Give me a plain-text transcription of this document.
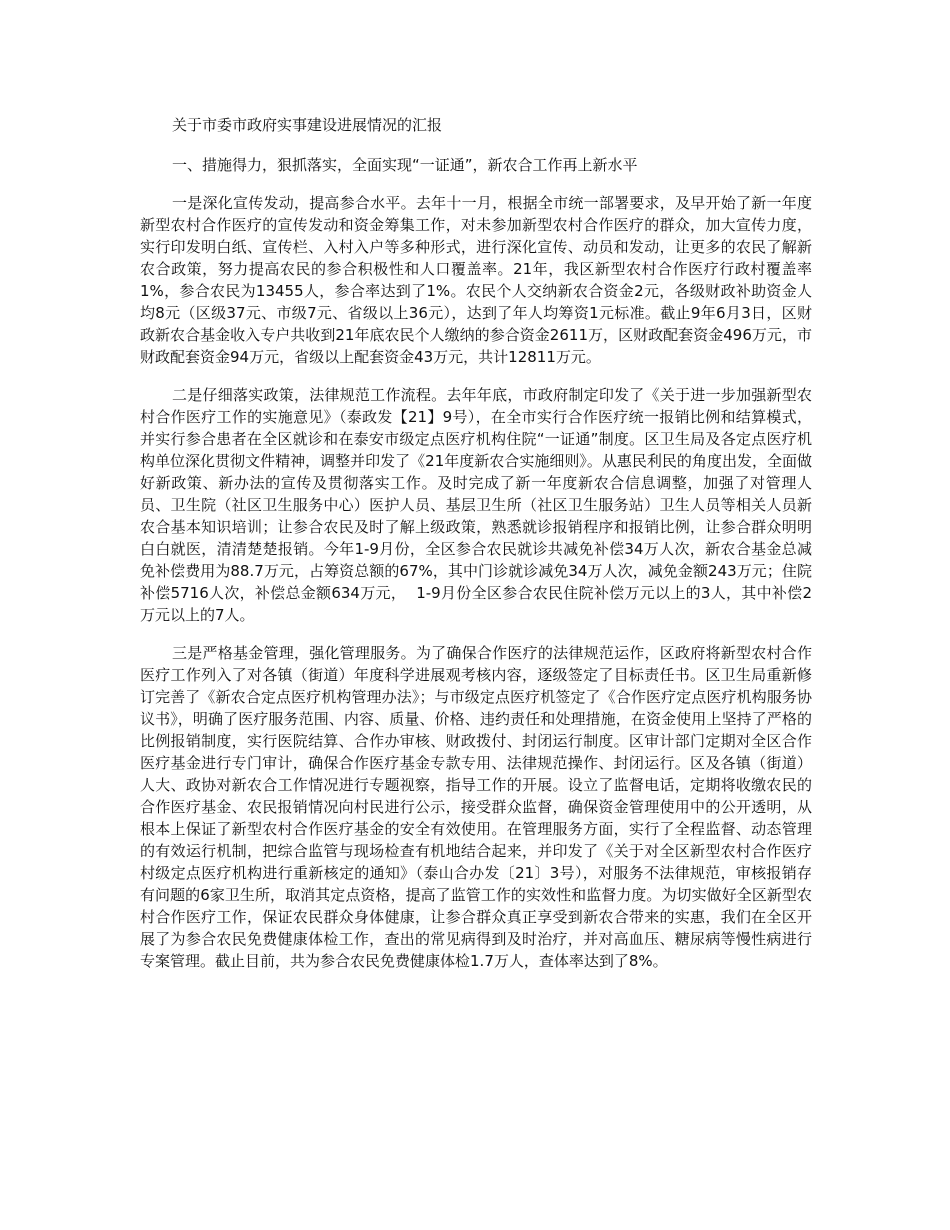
关于市委市政府实事建设进展情况的汇报

一、措施得力，狠抓落实，全面实现“一证通”，新农合工作再上新水平

一是深化宣传发动，提高参合水平。去年十一月，根据全市统一部署要求，及早开始了新一年度新型农村合作医疗的宣传发动和资金筹集工作，对未参加新型农村合作医疗的群众，加大宣传力度，实行印发明白纸、宣传栏、入村入户等多种形式，进行深化宣传、动员和发动，让更多的农民了解新农合政策，努力提高农民的参合积极性和人口覆盖率。21年，我区新型农村合作医疗行政村覆盖率1%，参合农民为13455人，参合率达到了1%。农民个人交纳新农合资金2元，各级财政补助资金人均8元（区级37元、市级7元、省级以上36元），达到了年人均筹资1元标准。截止9年6月3日，区财政新农合基金收入专户共收到21年底农民个人缴纳的参合资金2611万，区财政配套资金496万元，市财政配套资金94万元，省级以上配套资金43万元，共计12811万元。

二是仔细落实政策，法律规范工作流程。去年年底，市政府制定印发了《关于进一步加强新型农村合作医疗工作的实施意见》（泰政发【21】9号），在全市实行合作医疗统一报销比例和结算模式，并实行参合患者在全区就诊和在泰安市级定点医疗机构住院“一证通”制度。区卫生局及各定点医疗机构单位深化贯彻文件精神，调整并印发了《21年度新农合实施细则》。从惠民利民的角度出发，全面做好新政策、新办法的宣传及贯彻落实工作。及时完成了新一年度新农合信息调整，加强了对管理人员、卫生院（社区卫生服务中心）医护人员、基层卫生所（社区卫生服务站）卫生人员等相关人员新农合基本知识培训；让参合农民及时了解上级政策，熟悉就诊报销程序和报销比例，让参合群众明明白白就医，清清楚楚报销。今年1-9月份，全区参合农民就诊共减免补偿34万人次，新农合基金总减免补偿费用为88.7万元，占筹资总额的67%，其中门诊就诊减免34万人次，减免金额243万元；住院补偿5716人次，补偿总金额634万元，  1-9月份全区参合农民住院补偿万元以上的3人，其中补偿2万元以上的7人。

三是严格基金管理，强化管理服务。为了确保合作医疗的法律规范运作，区政府将新型农村合作医疗工作列入了对各镇（街道）年度科学进展观考核内容，逐级签定了目标责任书。区卫生局重新修订完善了《新农合定点医疗机构管理办法》；与市级定点医疗机签定了《合作医疗定点医疗机构服务协议书》，明确了医疗服务范围、内容、质量、价格、违约责任和处理措施，在资金使用上坚持了严格的比例报销制度，实行医院结算、合作办审核、财政拨付、封闭运行制度。区审计部门定期对全区合作医疗基金进行专门审计，确保合作医疗基金专款专用、法律规范操作、封闭运行。区及各镇（街道）人大、政协对新农合工作情况进行专题视察，指导工作的开展。设立了监督电话，定期将收缴农民的合作医疗基金、农民报销情况向村民进行公示，接受群众监督，确保资金管理使用中的公开透明，从根本上保证了新型农村合作医疗基金的安全有效使用。在管理服务方面，实行了全程监督、动态管理的有效运行机制，把综合监管与现场检查有机地结合起来，并印发了《关于对全区新型农村合作医疗村级定点医疗机构进行重新核定的通知》（泰山合办发〔21〕3号），对服务不法律规范，审核报销存有问题的6家卫生所，取消其定点资格，提高了监管工作的实效性和监督力度。为切实做好全区新型农村合作医疗工作，保证农民群众身体健康，让参合群众真正享受到新农合带来的实惠，我们在全区开展了为参合农民免费健康体检工作，查出的常见病得到及时治疗，并对高血压、糖尿病等慢性病进行专案管理。截止目前，共为参合农民免费健康体检1.7万人，查体率达到了8%。
